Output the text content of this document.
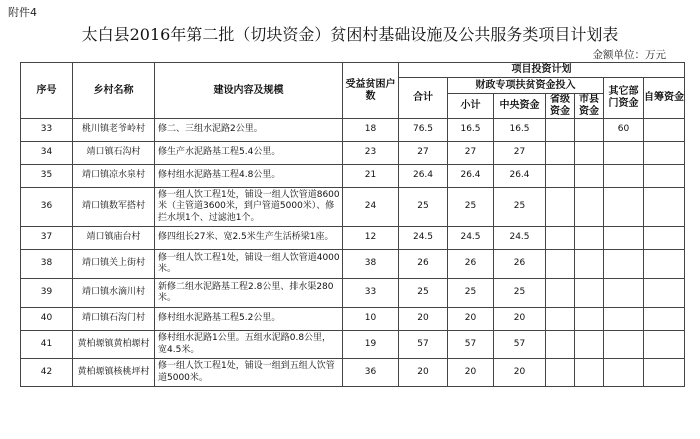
附件4
太白县2016年第二批（切块资金）贫困村基础设施及公共服务类项目计划表
金额单位：万元
序号	乡村名称	建设内容及规模	受益贫困户数	项目投资计划						
				合计	财政专项扶贫资金投入				其它部门资金	自筹资金
					小计	中央资金	省级资金	市县资金		
33	桃川镇老爷岭村	修二、三组水泥路2公里。	18	76.5	16.5	16.5			60	
34	靖口镇石沟村	修生产水泥路基工程5.4公里。	23	27	27	27				
35	靖口镇凉水泉村	修村组水泥路基工程4.8公里。	21	26.4	26.4	26.4				
36	靖口镇数军搭村	修一组人饮工程1处，铺设一组人饮管道8600米（主管道3600米，到户管道5000米）、修拦水坝1个、过滤池1个。	24	25	25	25				
37	靖口镇庙台村	修四组长27米、宽2.5米生产生活桥梁1座。	12	24.5	24.5	24.5				
38	靖口镇关上街村	修一组人饮工程1处，铺设一组人饮管道4000米。	38	26	26	26				
39	靖口镇水滴川村	新修二组水泥路基工程2.8公里、排水渠280米。	33	25	25	25				
40	靖口镇石沟门村	修村组水泥路基工程5.2公里。	10	20	20	20				
41	黄柏塬镇黄柏塬村	修村组水泥路1公里。五组水泥路0.8公里，宽4.5米。	19	57	57	57				
42	黄柏塬镇核桃坪村	修一组人饮工程1处，铺设一组到五组人饮管道5000米。	36	20	20	20				
